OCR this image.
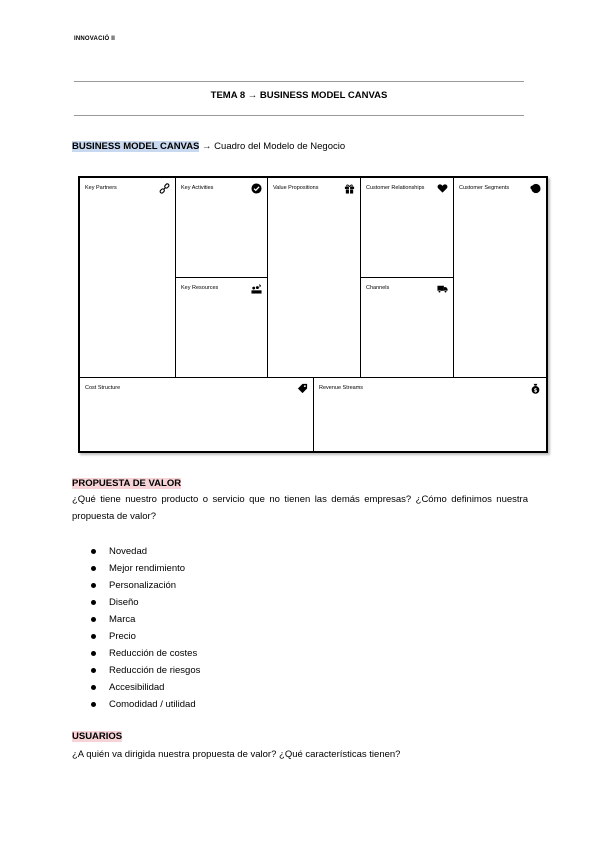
INNOVACIÓ II
TEMA 8 → BUSINESS MODEL CANVAS
BUSINESS MODEL CANVAS → Cuadro del Modelo de Negocio
Key Partners	Key Activities
Key Resources
Value Propositions	Customer Relationships
Channels
Customer Segments
Cost Structure	Revenue Streams	$
PROPUESTA DE VALOR
¿Qué tiene nuestro producto o servicio que no tienen las demás empresas? ¿Cómo definimos nuestra propuesta de valor?
Novedad
Mejor rendimiento
Personalización
Diseño
Marca
Precio
Reducción de costes
Reducción de riesgos
Accesibilidad
Comodidad / utilidad
USUARIOS
¿A quién va dirigida nuestra propuesta de valor? ¿Qué características tienen?
